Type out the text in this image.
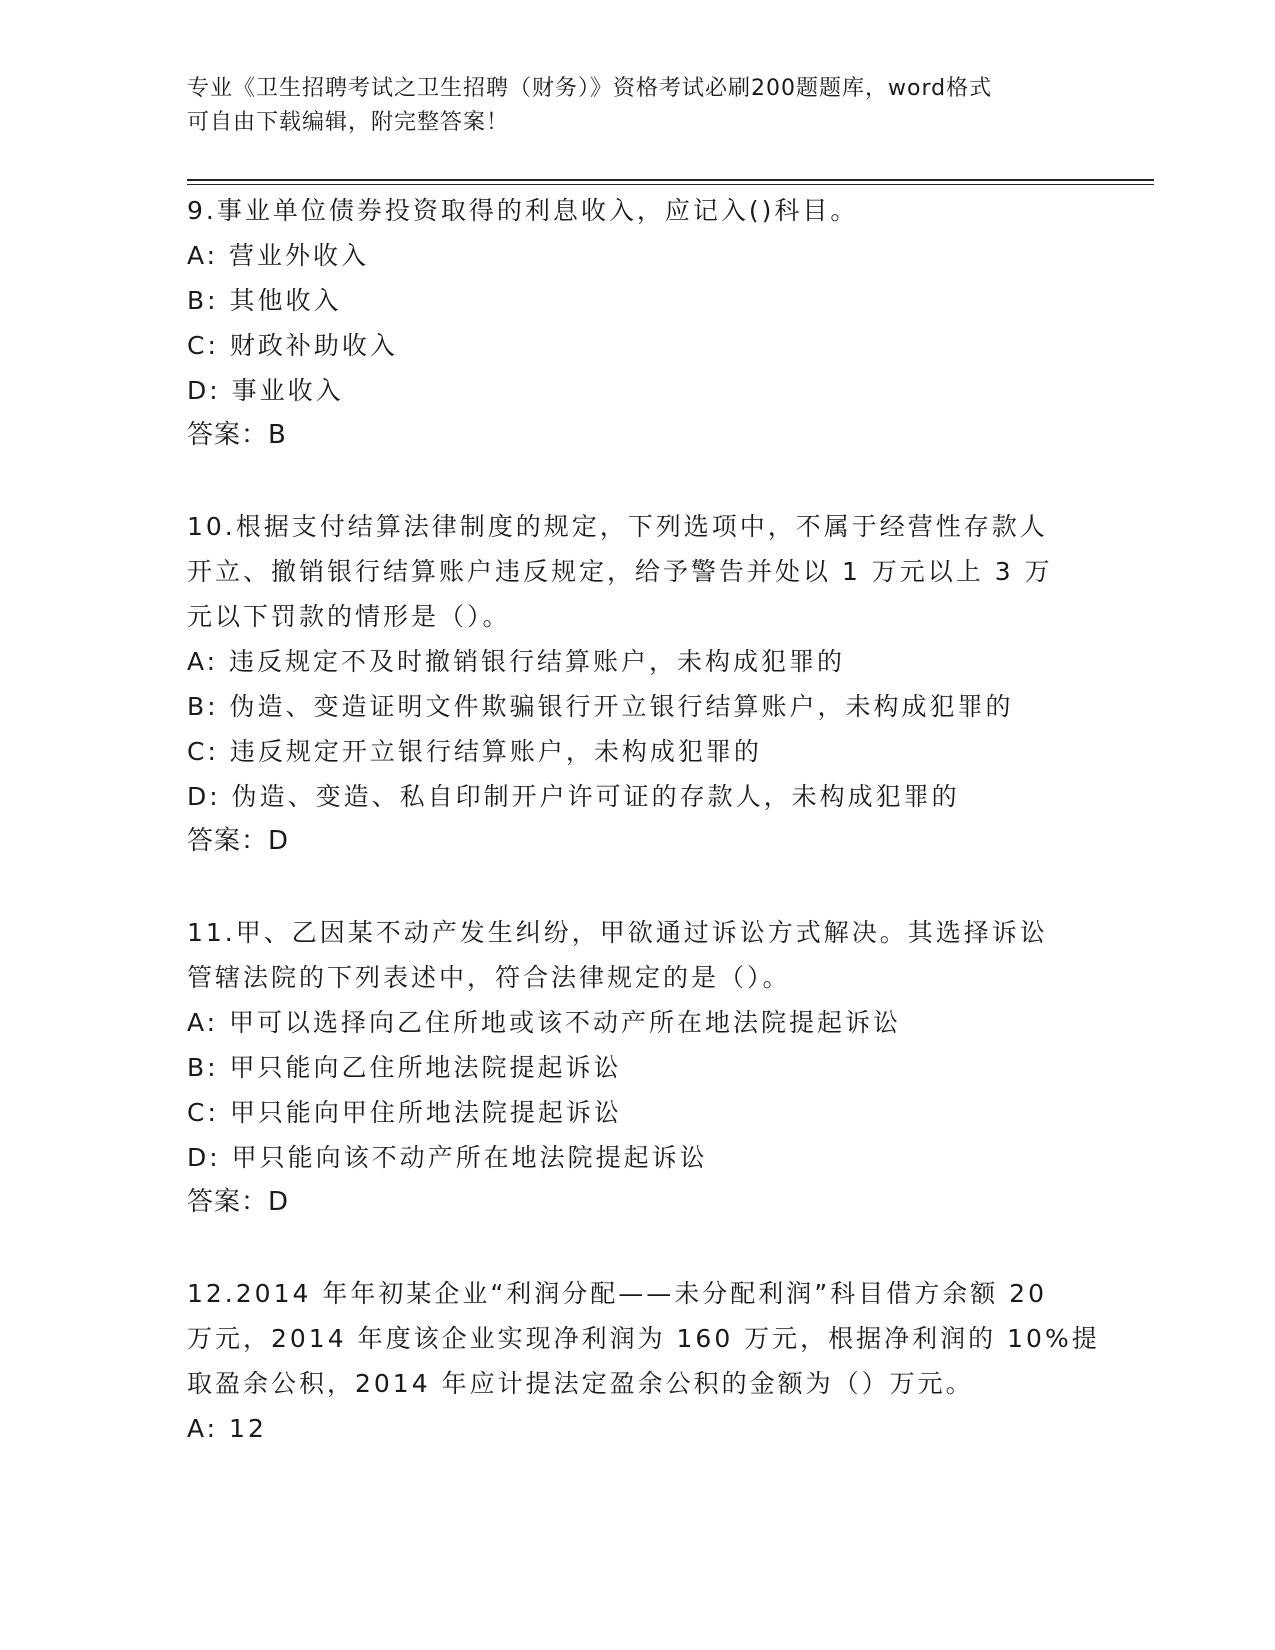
专业《卫生招聘考试之卫生招聘（财务）》资格考试必刷200题题库，word格式
可自由下载编辑，附完整答案！
9.事业单位债券投资取得的利息收入，应记入()科目。
A: 营业外收入
B: 其他收入
C: 财政补助收入
D: 事业收入
答案：B
10.根据支付结算法律制度的规定，下列选项中，不属于经营性存款人
开立、撤销银行结算账户违反规定，给予警告并处以 1 万元以上 3 万
元以下罚款的情形是（）。
A: 违反规定不及时撤销银行结算账户，未构成犯罪的
B: 伪造、变造证明文件欺骗银行开立银行结算账户，未构成犯罪的
C: 违反规定开立银行结算账户，未构成犯罪的
D: 伪造、变造、私自印制开户许可证的存款人，未构成犯罪的
答案：D
11.甲、乙因某不动产发生纠纷，甲欲通过诉讼方式解决。其选择诉讼
管辖法院的下列表述中，符合法律规定的是（）。
A: 甲可以选择向乙住所地或该不动产所在地法院提起诉讼
B: 甲只能向乙住所地法院提起诉讼
C: 甲只能向甲住所地法院提起诉讼
D: 甲只能向该不动产所在地法院提起诉讼
答案：D
12.2014 年年初某企业“利润分配——未分配利润”科目借方余额 20
万元，2014 年度该企业实现净利润为 160 万元，根据净利润的 10%提
取盈余公积，2014 年应计提法定盈余公积的金额为（）万元。
A: 12
